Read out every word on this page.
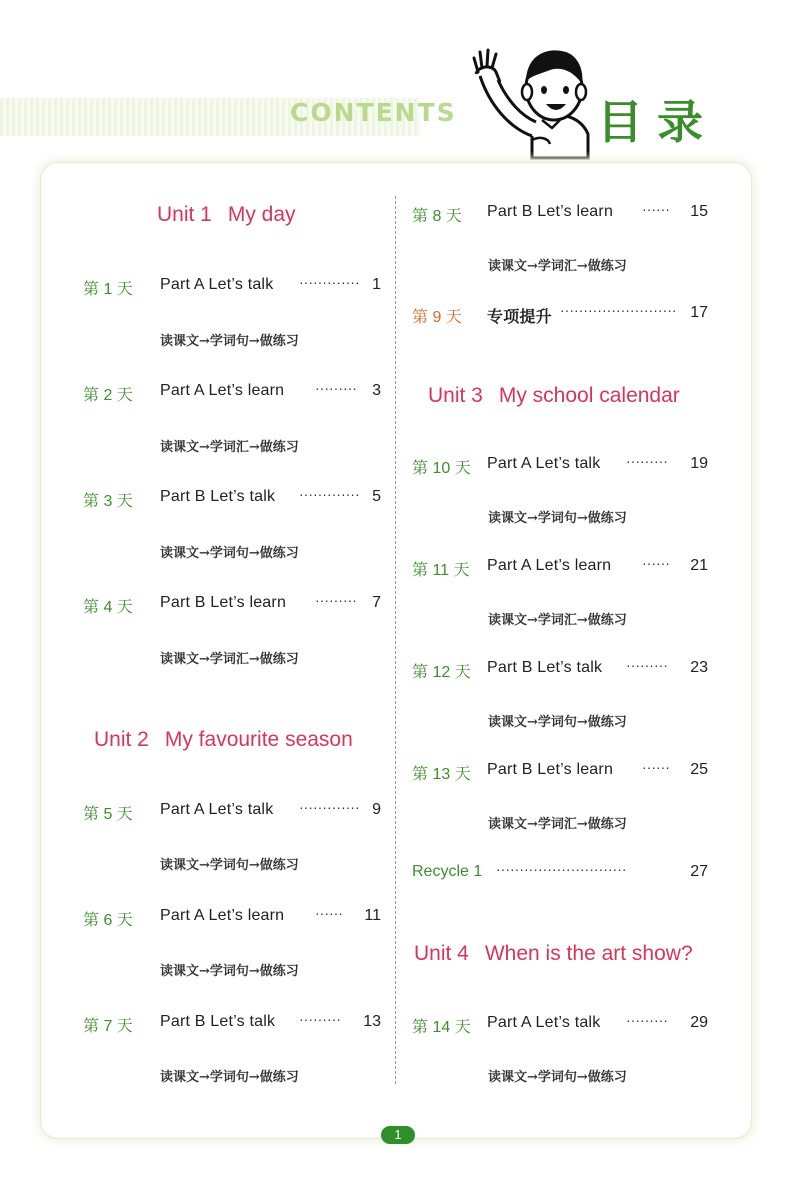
CONTENTS	目录
Unit 1 My day
第 1 天 Part A Let’s talk ············· 1
读课文→学词句→做练习
第 2 天 Part A Let’s learn ········· 3
读课文→学词汇→做练习
第 3 天 Part B Let’s talk ············· 5
读课文→学词句→做练习
第 4 天 Part B Let’s learn ········· 7
读课文→学词汇→做练习
Unit 2 My favourite season
第 5 天 Part A Let’s talk ············· 9
读课文→学词句→做练习
第 6 天 Part A Let’s learn ······ 11
读课文→学词句→做练习
第 7 天 Part B Let’s talk ········· 13
读课文→学词句→做练习
第 8 天 Part B Let’s learn ······ 15
读课文→学词汇→做练习
第 9 天 专项提升 ························· 17
Unit 3 My school calendar
第 10 天 Part A Let’s talk ········· 19
读课文→学词句→做练习
第 11 天 Part A Let’s learn ······ 21
读课文→学词汇→做练习
第 12 天 Part B Let’s talk ········· 23
读课文→学词句→做练习
第 13 天 Part B Let’s learn ······ 25
读课文→学词汇→做练习
Recycle 1 ····························	27
Unit 4 When is the art show?
第 14 天 Part A Let’s talk ········· 29
读课文→学词句→做练习
1
